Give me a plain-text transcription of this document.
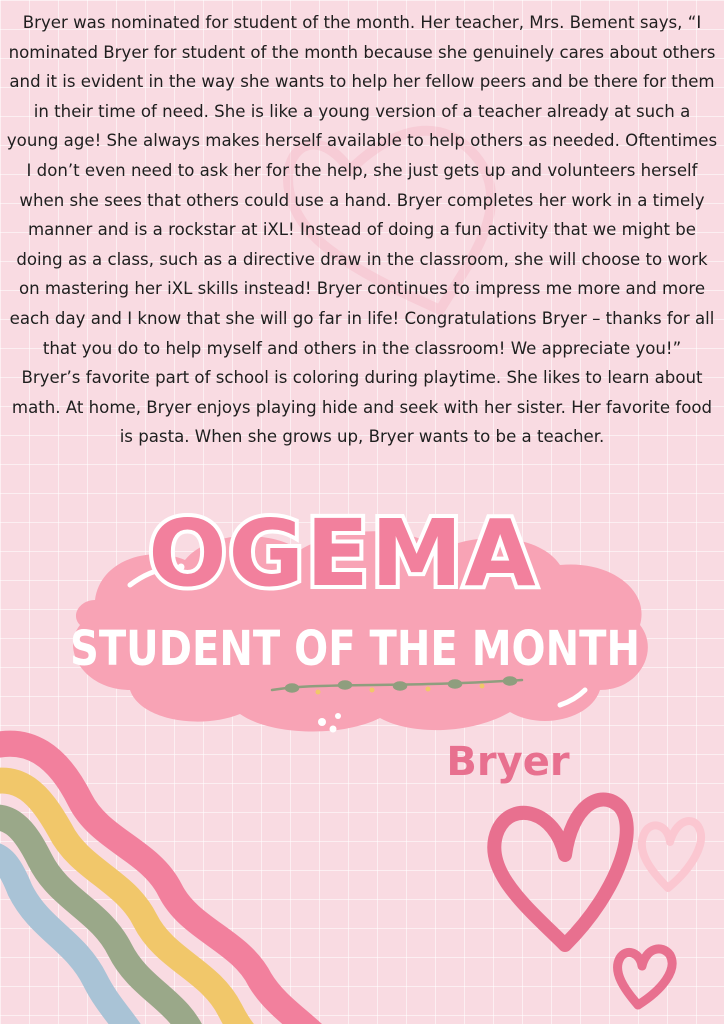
Bryer was nominated for student of the month. Her teacher, Mrs. Bement says, “I nominated Bryer for student of the month because she genuinely cares about others and it is evident in the way she wants to help her fellow peers and be there for them in their time of need. She is like a young version of a teacher already at such a young age! She always makes herself available to help others as needed. Oftentimes I don’t even need to ask her for the help, she just gets up and volunteers herself when she sees that others could use a hand. Bryer completes her work in a timely manner and is a rockstar at iXL! Instead of doing a fun activity that we might be doing as a class, such as a directive draw in the classroom, she will choose to work on mastering her iXL skills instead! Bryer continues to impress me more and more each day and I know that she will go far in life! Congratulations Bryer – thanks for all that you do to help myself and others in the classroom! We appreciate you!”

Bryer’s favorite part of school is coloring during playtime. She likes to learn about math. At home, Bryer enjoys playing hide and seek with her sister. Her favorite food is pasta. When she grows up, Bryer wants to be a teacher.

OGEMA
STUDENT OF THE MONTH
Bryer
